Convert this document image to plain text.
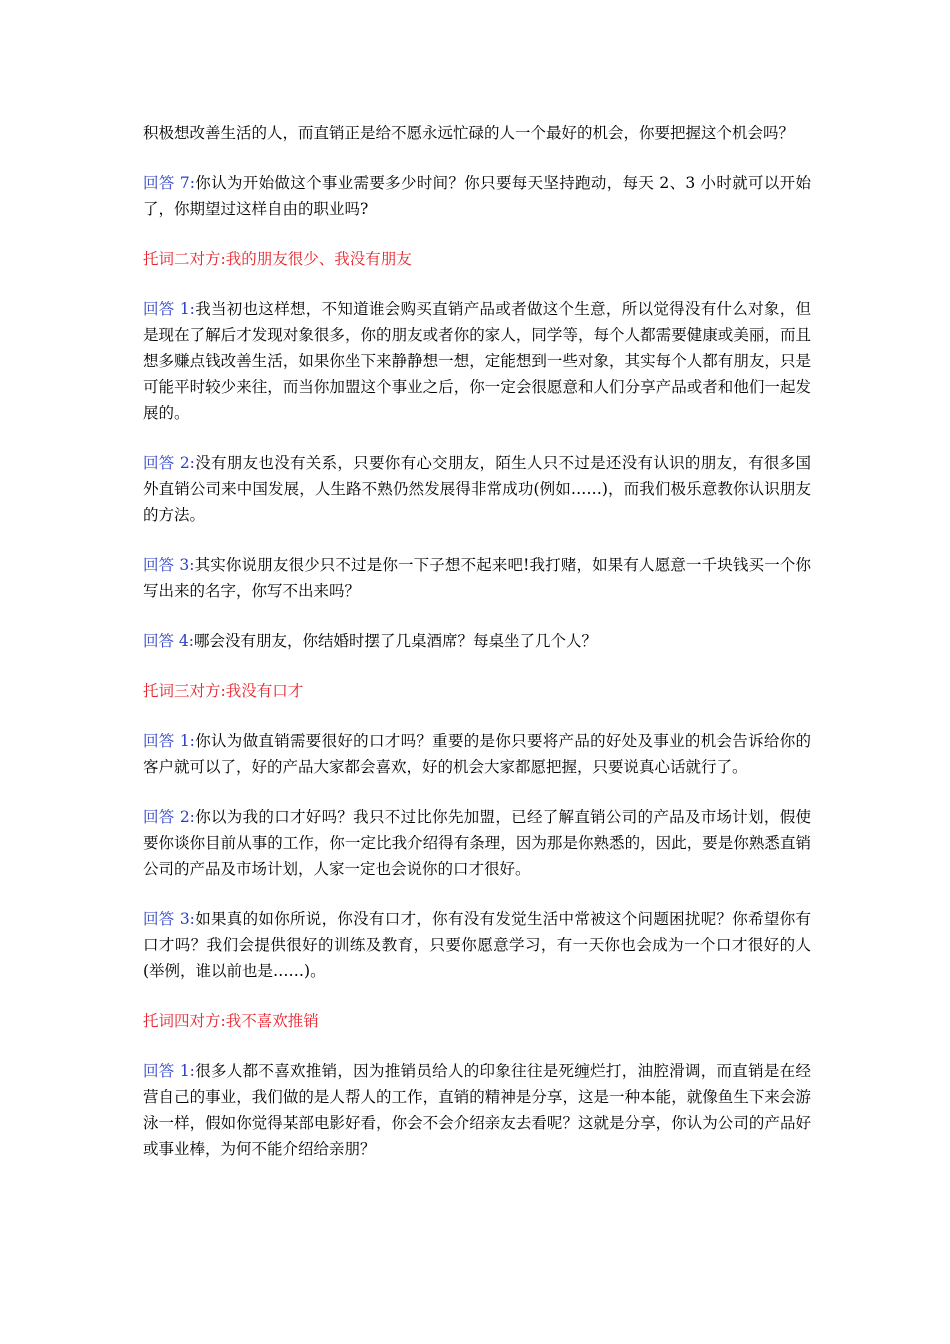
积极想改善生活的人，而直销正是给不愿永远忙碌的人一个最好的机会，你要把握这个机会吗？

回答 7:你认为开始做这个事业需要多少时间？你只要每天坚持跑动，每天 2、3 小时就可以开始了，你期望过这样自由的职业吗?

托词二对方:我的朋友很少、我没有朋友

回答 1:我当初也这样想，不知道谁会购买直销产品或者做这个生意，所以觉得没有什么对象，但是现在了解后才发现对象很多，你的朋友或者你的家人，同学等，每个人都需要健康或美丽，而且想多赚点钱改善生活，如果你坐下来静静想一想，定能想到一些对象，其实每个人都有朋友，只是可能平时较少来往，而当你加盟这个事业之后，你一定会很愿意和人们分享产品或者和他们一起发展的。

回答 2:没有朋友也没有关系，只要你有心交朋友，陌生人只不过是还没有认识的朋友，有很多国外直销公司来中国发展，人生路不熟仍然发展得非常成功(例如……)，而我们极乐意教你认识朋友的方法。

回答 3:其实你说朋友很少只不过是你一下子想不起来吧!我打赌，如果有人愿意一千块钱买一个你写出来的名字，你写不出来吗？

回答 4:哪会没有朋友，你结婚时摆了几桌酒席？每桌坐了几个人？

托词三对方:我没有口才

回答 1:你认为做直销需要很好的口才吗？重要的是你只要将产品的好处及事业的机会告诉给你的客户就可以了，好的产品大家都会喜欢，好的机会大家都愿把握，只要说真心话就行了。

回答 2:你以为我的口才好吗？我只不过比你先加盟，已经了解直销公司的产品及市场计划，假使要你谈你目前从事的工作，你一定比我介绍得有条理，因为那是你熟悉的，因此，要是你熟悉直销公司的产品及市场计划，人家一定也会说你的口才很好。

回答 3:如果真的如你所说，你没有口才，你有没有发觉生活中常被这个问题困扰呢？你希望你有口才吗？我们会提供很好的训练及教育，只要你愿意学习，有一天你也会成为一个口才很好的人(举例，谁以前也是……)。

托词四对方:我不喜欢推销

回答 1:很多人都不喜欢推销，因为推销员给人的印象往往是死缠烂打，油腔滑调，而直销是在经营自己的事业，我们做的是人帮人的工作，直销的精神是分享，这是一种本能，就像鱼生下来会游泳一样，假如你觉得某部电影好看，你会不会介绍亲友去看呢？这就是分享，你认为公司的产品好或事业棒，为何不能介绍给亲朋？
